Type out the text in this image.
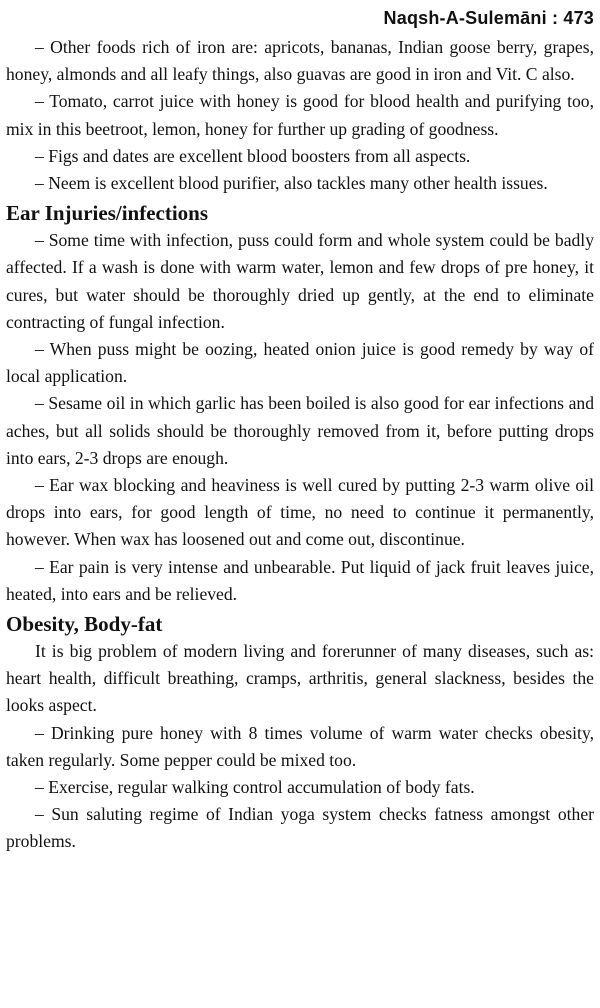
Naqsh-A-Sulemāni : 473

– Other foods rich of iron are: apricots, bananas, Indian goose berry, grapes, honey, almonds and all leafy things, also guavas are good in iron and Vit. C also.

– Tomato, carrot juice with honey is good for blood health and purifying too, mix in this beetroot, lemon, honey for further up grading of goodness.

– Figs and dates are excellent blood boosters from all aspects.

– Neem is excellent blood purifier, also tackles many other health issues.

Ear Injuries/infections

– Some time with infection, puss could form and whole system could be badly affected. If a wash is done with warm water, lemon and few drops of pre honey, it cures, but water should be thoroughly dried up gently, at the end to eliminate contracting of fungal infection.

– When puss might be oozing, heated onion juice is good remedy by way of local application.

– Sesame oil in which garlic has been boiled is also good for ear infections and aches, but all solids should be thoroughly removed from it, before putting drops into ears, 2-3 drops are enough.

– Ear wax blocking and heaviness is well cured by putting 2-3 warm olive oil drops into ears, for good length of time, no need to continue it permanently, however. When wax has loosened out and come out, discontinue.

– Ear pain is very intense and unbearable. Put liquid of jack fruit leaves juice, heated, into ears and be relieved.

Obesity, Body-fat

It is big problem of modern living and forerunner of many diseases, such as: heart health, difficult breathing, cramps, arthritis, general slackness, besides the looks aspect.

– Drinking pure honey with 8 times volume of warm water checks obesity, taken regularly. Some pepper could be mixed too.

– Exercise, regular walking control accumulation of body fats.

– Sun saluting regime of Indian yoga system checks fatness amongst other problems.
